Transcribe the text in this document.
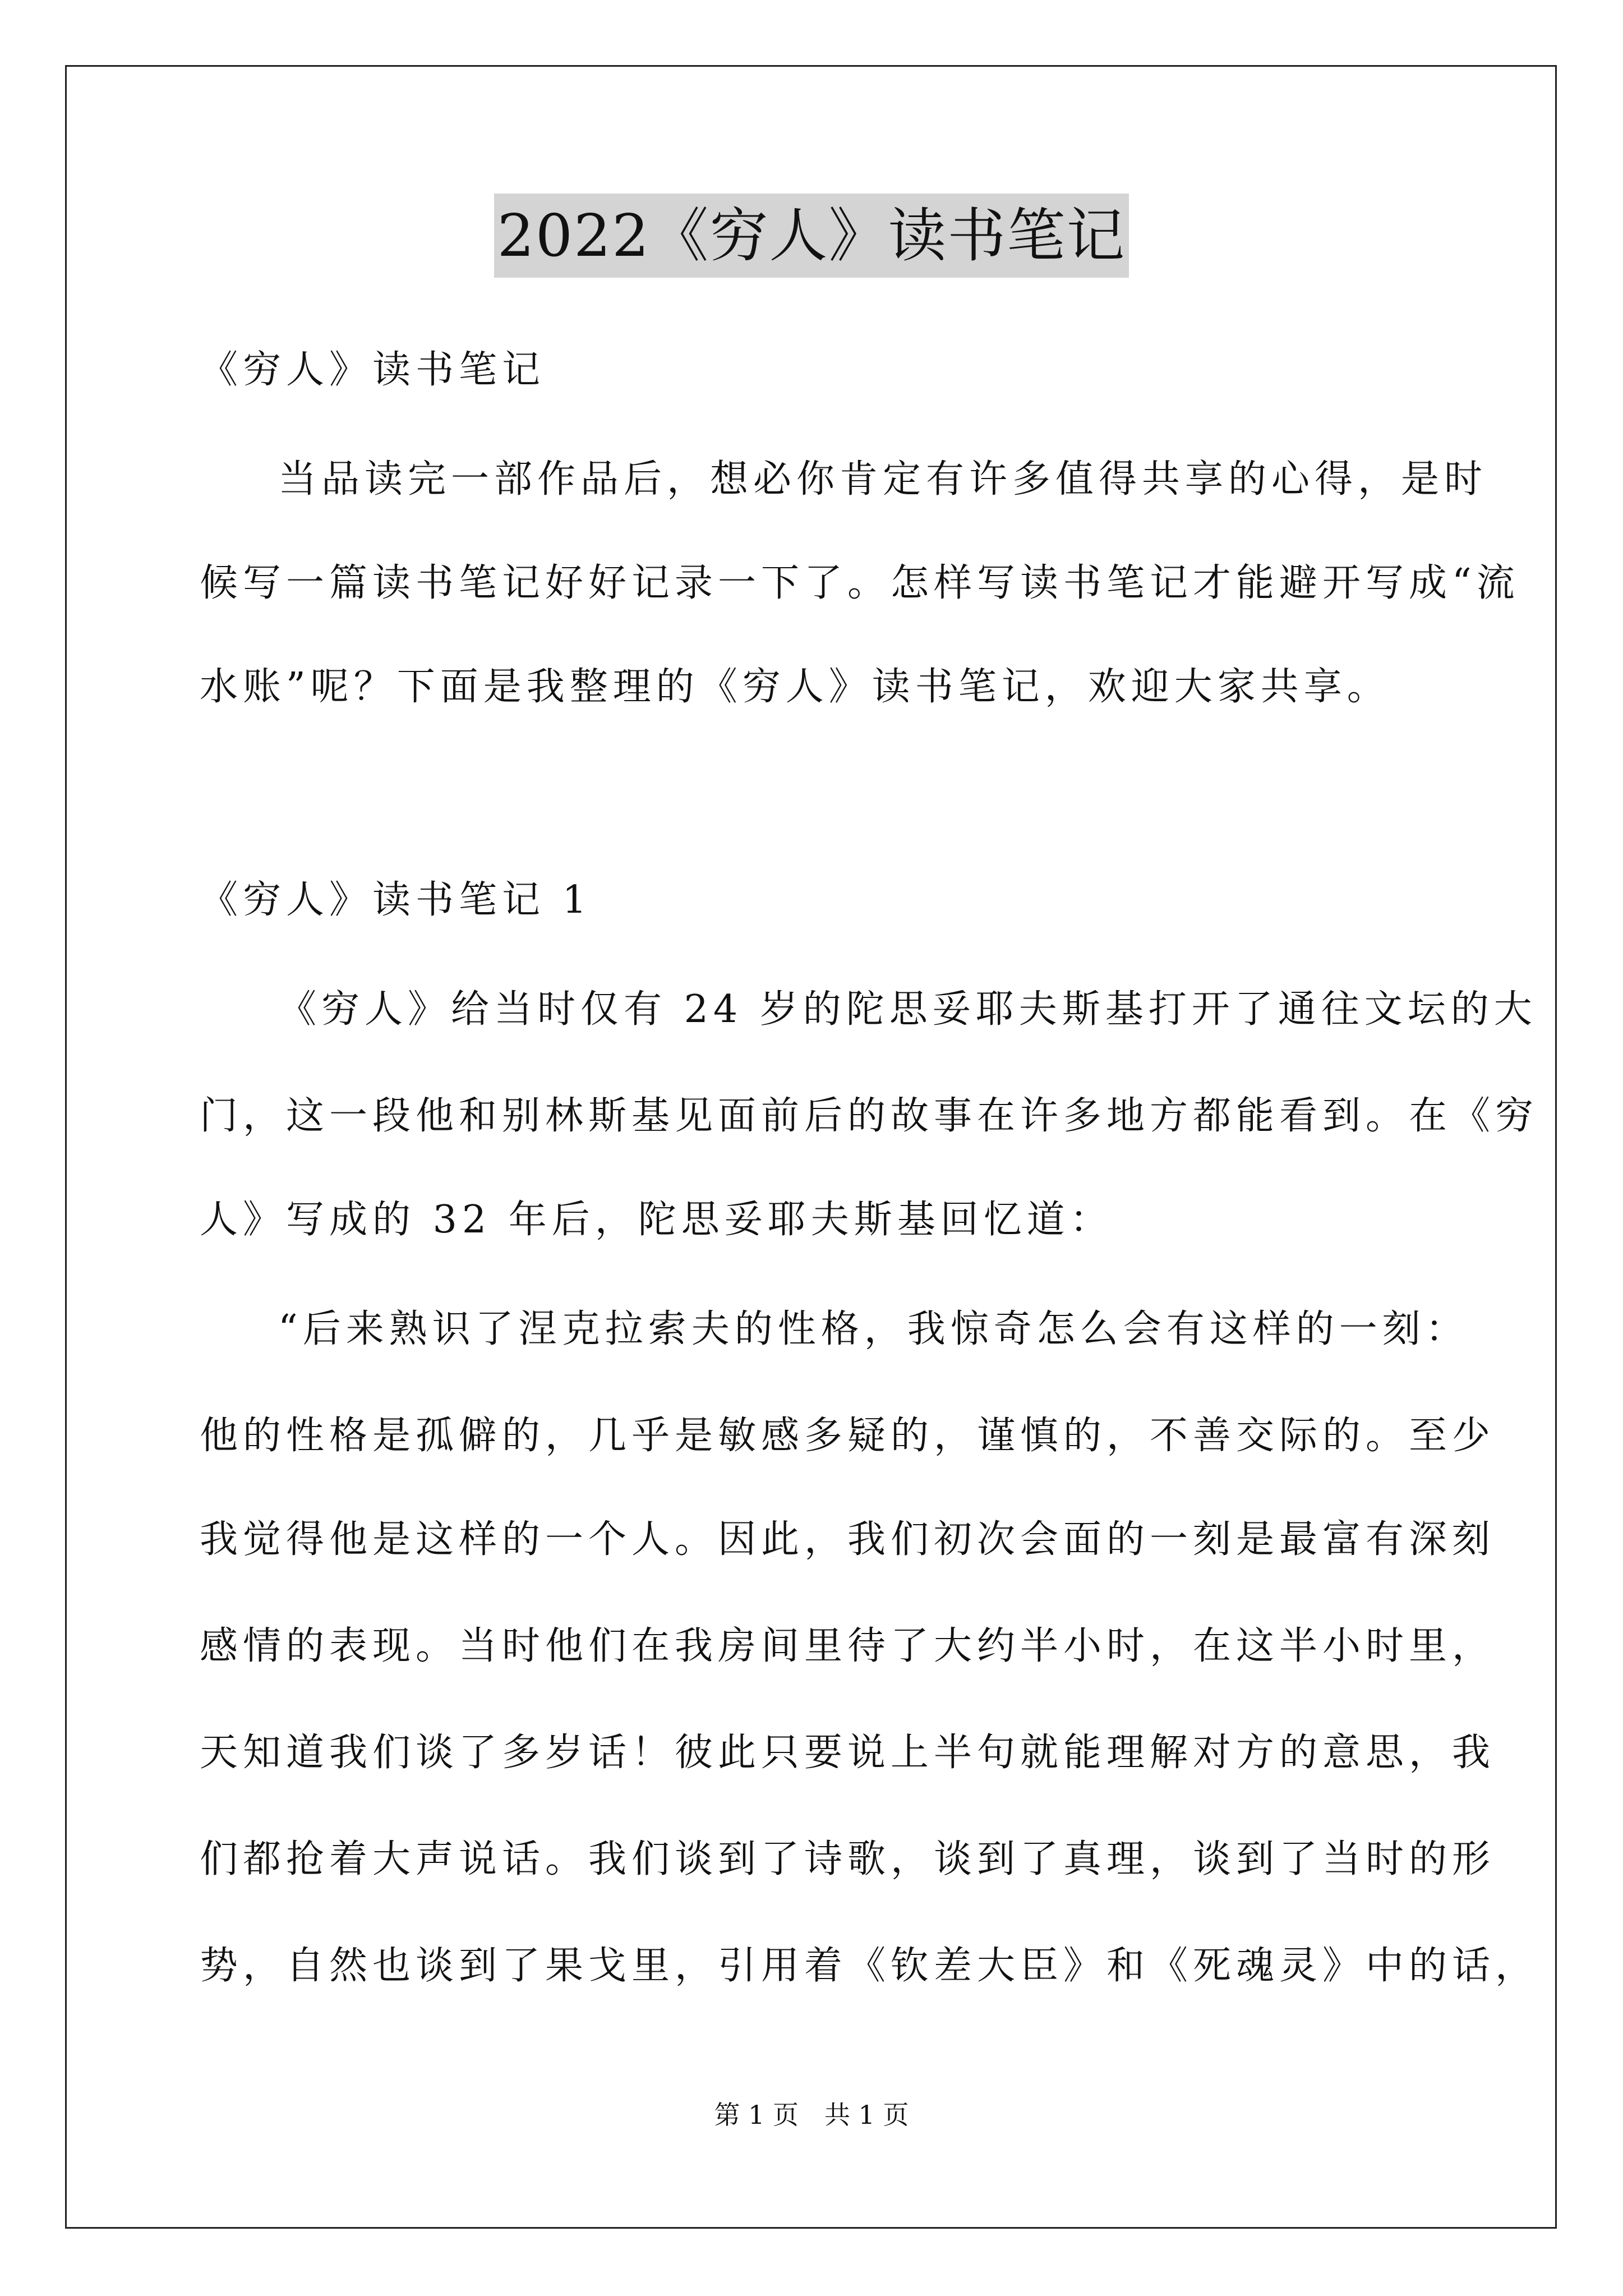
2022《穷人》读书笔记
《穷人》读书笔记
当品读完一部作品后，想必你肯定有许多值得共享的心得，是时
候写一篇读书笔记好好记录一下了。怎样写读书笔记才能避开写成“流
水账”呢？下面是我整理的《穷人》读书笔记，欢迎大家共享。
《穷人》读书笔记 1
《穷人》给当时仅有 24 岁的陀思妥耶夫斯基打开了通往文坛的大
门，这一段他和别林斯基见面前后的故事在许多地方都能看到。在《穷
人》写成的 32 年后，陀思妥耶夫斯基回忆道：
“后来熟识了涅克拉索夫的性格，我惊奇怎么会有这样的一刻：
他的性格是孤僻的，几乎是敏感多疑的，谨慎的，不善交际的。至少
我觉得他是这样的一个人。因此，我们初次会面的一刻是最富有深刻
感情的表现。当时他们在我房间里待了大约半小时，在这半小时里，
天知道我们谈了多岁话！彼此只要说上半句就能理解对方的意思，我
们都抢着大声说话。我们谈到了诗歌，谈到了真理，谈到了当时的形
势，自然也谈到了果戈里，引用着《钦差大臣》和《死魂灵》中的话，
第 1 页　共 1 页
